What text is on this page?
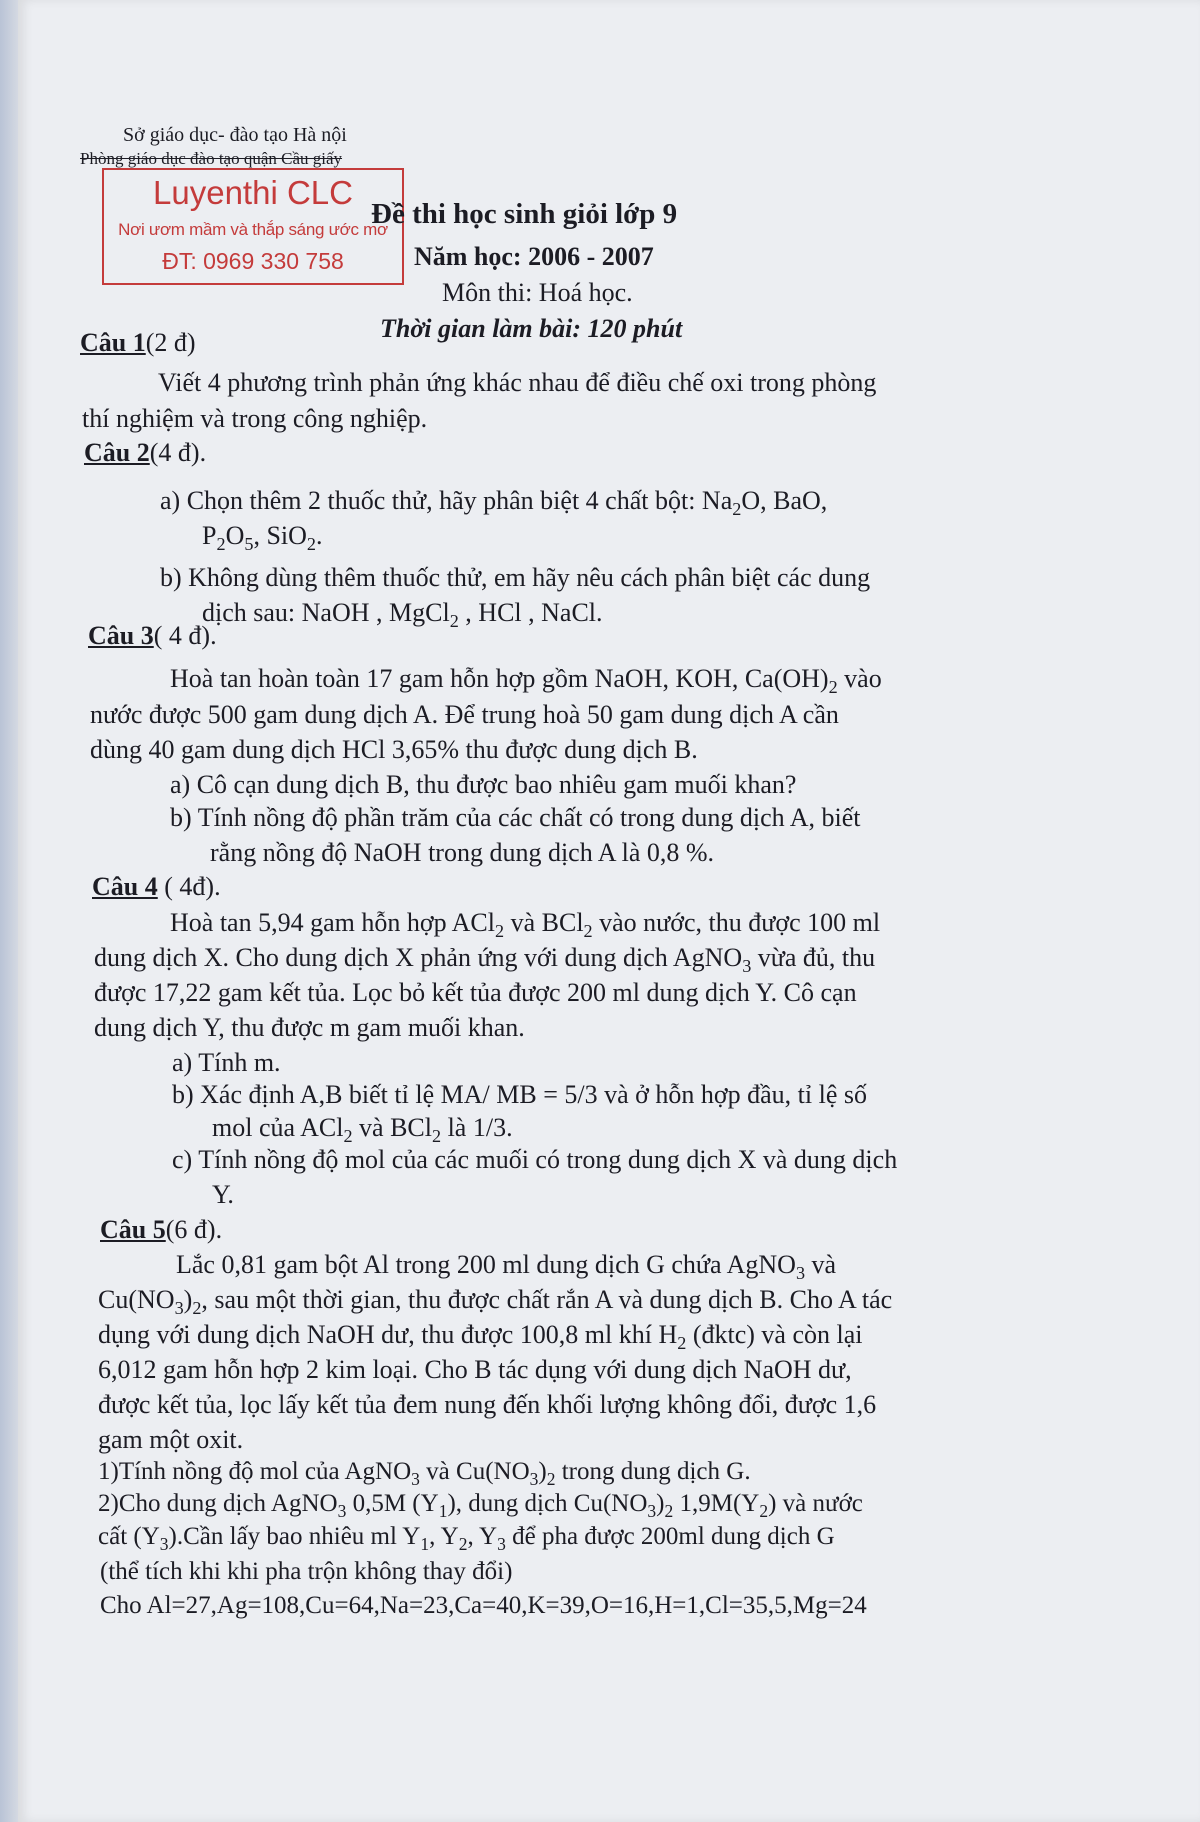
Sở giáo dục- đào tạo Hà nội
Phòng giáo dục đào tạo quận Cầu giấy
Luyenthi CLC
Nơi ươm mầm và thắp sáng ước mơ
ĐT: 0969 330 758
Đề thi học sinh giỏi lớp 9
Năm học: 2006 - 2007
Môn thi: Hoá học.
Thời gian làm bài: 120 phút
Câu 1(2 đ)
Viết 4 phương trình phản ứng khác nhau để điều chế oxi trong phòng
thí nghiệm và trong công nghiệp.
Câu 2(4 đ).
a) Chọn thêm 2 thuốc thử, hãy phân biệt 4 chất bột: $Na_2O$, BaO,
$P_2O_5$, SiO$_2$.
b) Không dùng thêm thuốc thử, em hãy nêu cách phân biệt các dung
dịch sau: NaOH , MgCl$_2$ , HCl , NaCl.
Câu 3( 4 đ).
Hoà tan hoàn toàn 17 gam hỗn hợp gồm NaOH, KOH, $Ca(OH)_2$ vào
nước được 500 gam dung dịch A. Để trung hoà 50 gam dung dịch A cần
dùng 40 gam dung dịch HCl 3,65% thu được dung dịch B.
a) Cô cạn dung dịch B, thu được bao nhiêu gam muối khan?
b) Tính nồng độ phần trăm của các chất có trong dung dịch A, biết
rằng nồng độ NaOH trong dung dịch A là 0,8 %.
Câu 4 ( 4đ).
Hoà tan 5,94 gam hỗn hợp ACl$_2$ và BCl$_2$ vào nước, thu được 100 ml
dung dịch X. Cho dung dịch X phản ứng với dung dịch AgNO$_3$ vừa đủ, thu
được 17,22 gam kết tủa. Lọc bỏ kết tủa được 200 ml dung dịch Y. Cô cạn
dung dịch Y, thu được m gam muối khan.
a) Tính m.
b) Xác định A,B biết tỉ lệ MA/ MB = 5/3 và ở hỗn hợp đầu, tỉ lệ số
mol của ACl$_2$ và BCl$_2$ là 1/3.
c) Tính nồng độ mol của các muối có trong dung dịch X và dung dịch
Y.
Câu 5(6 đ).
Lắc 0,81 gam bột Al trong 200 ml dung dịch G chứa AgNO$_3$ và
$Cu(NO_3)_2$, sau một thời gian, thu được chất rắn A và dung dịch B. Cho A tác
dụng với dung dịch NaOH dư, thu được 100,8 ml khí $H_2$ (đktc) và còn lại
6,012 gam hỗn hợp 2 kim loại. Cho B tác dụng với dung dịch NaOH dư,
được kết tủa, lọc lấy kết tủa đem nung đến khối lượng không đổi, được 1,6
gam một oxit.
1)Tính nồng độ mol của AgNO$_3$ và $Cu(NO_3)_2$ trong dung dịch G.
2)Cho dung dịch AgNO$_3$ 0,5M $(Y_1)$, dung dịch $Cu(NO_3)_2$ $1,9M(Y_2)$ và nước
cất $(Y_3).Cần$ lấy bao nhiêu ml $Y_1$, $Y_2$, $Y_3$ để pha được 200ml dung dịch G
(thể tích khi khi pha trộn không thay đổi)
Cho Al=27,Ag=108,Cu=64,Na=23,Ca=40,K=39,O=16,H=1,Cl=35,5,Mg=24
